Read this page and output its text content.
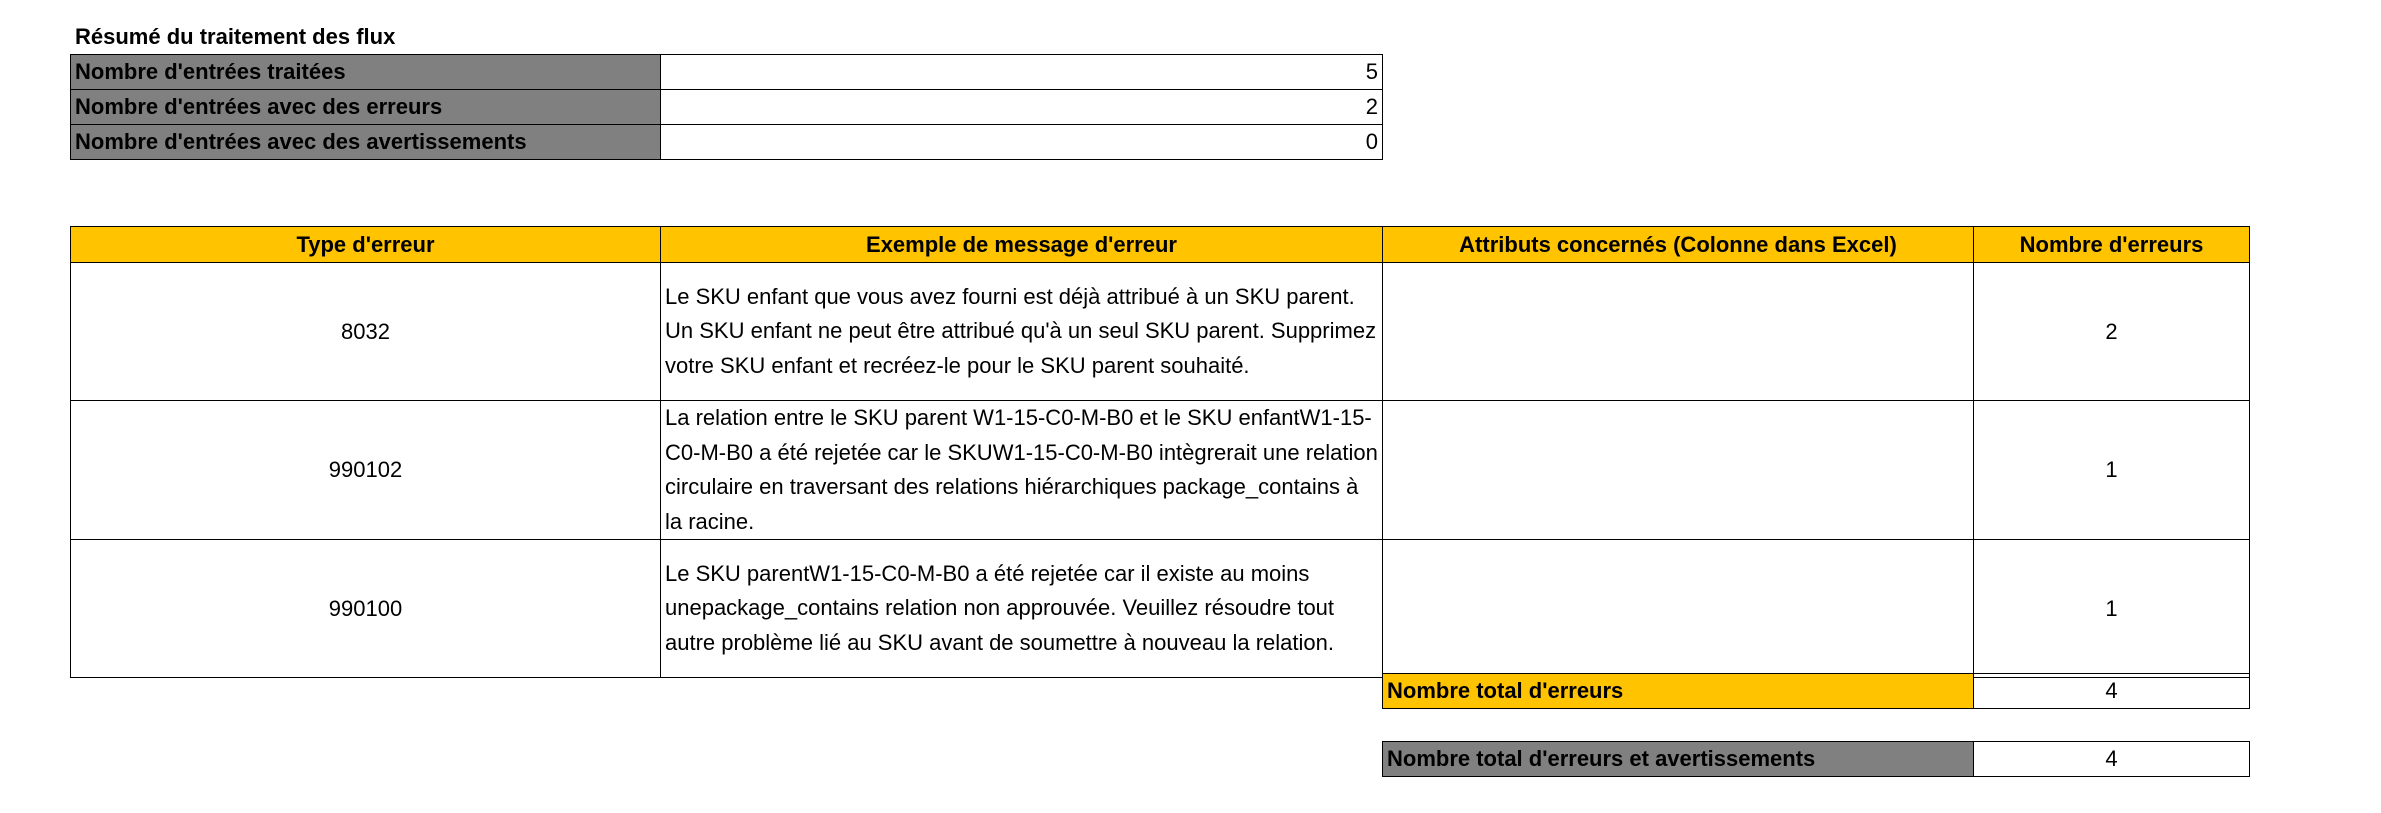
Résumé du traitement des flux
Nombre d'entrées traitées	5
Nombre d'entrées avec des erreurs	2
Nombre d'entrées avec des avertissements	0
Type d'erreur	Exemple de message d'erreur	Attributs concernés (Colonne dans Excel)	Nombre d'erreurs
8032	Le SKU enfant que vous avez fourni est déjà attribué à un SKU parent. Un SKU enfant ne peut être attribué qu'à un seul SKU parent. Supprimez votre SKU enfant et recréez-le pour le SKU parent souhaité.		2
990102	La relation entre le SKU parent W1-15-C0-M-B0 et le SKU enfantW1-15-C0-M-B0 a été rejetée car le SKUW1-15-C0-M-B0 intègrerait une relation circulaire en traversant des relations hiérarchiques package_contains à la racine.		1
990100	Le SKU parentW1-15-C0-M-B0 a été rejetée car il existe au moins unepackage_contains relation non approuvée. Veuillez résoudre tout autre problème lié au SKU avant de soumettre à nouveau la relation.		1
Nombre total d'erreurs	4
Nombre total d'erreurs et avertissements	4
